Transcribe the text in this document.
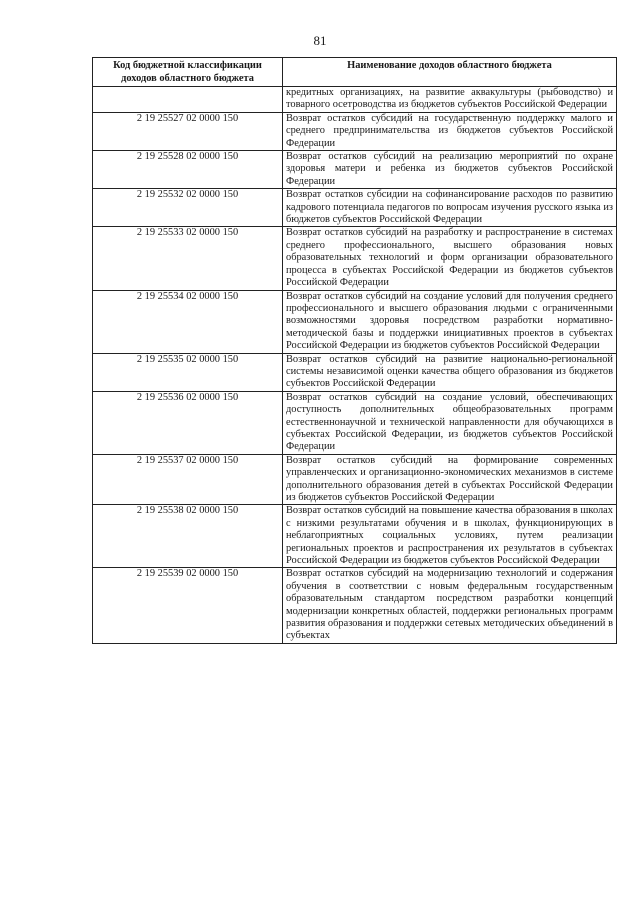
81
Код бюджетной классификации доходов областного бюджета	Наименование доходов областного бюджета
	кредитных организациях, на развитие аквакультуры (рыбоводство) и товарного осетроводства из бюджетов субъектов Российской Федерации
2 19 25527 02 0000 150	Возврат остатков субсидий на государственную поддержку малого и среднего предпринимательства из бюджетов субъектов Российской Федерации
2 19 25528 02 0000 150	Возврат остатков субсидий на реализацию мероприятий по охране здоровья матери и ребенка из бюджетов субъектов Российской Федерации
2 19 25532 02 0000 150	Возврат остатков субсидии на софинансирование расходов по развитию кадрового потенциала педагогов по вопросам изучения русского языка из бюджетов субъектов Российской Федерации
2 19 25533 02 0000 150	Возврат остатков субсидий на разработку и распространение в системах среднего профессионального, высшего образования новых образовательных технологий и форм организации образовательного процесса в субъектах Российской Федерации из бюджетов субъектов Российской Федерации
2 19 25534 02 0000 150	Возврат остатков субсидий на создание условий для получения среднего профессионального и высшего образования людьми с ограниченными возможностями здоровья посредством разработки нормативно-методической базы и поддержки инициативных проектов в субъектах Российской Федерации из бюджетов субъектов Российской Федерации
2 19 25535 02 0000 150	Возврат остатков субсидий на развитие национально-региональной системы независимой оценки качества общего образования из бюджетов субъектов Российской Федерации
2 19 25536 02 0000 150	Возврат остатков субсидий на создание условий, обеспечивающих доступность дополнительных общеобразовательных программ естественнонаучной и технической направленности для обучающихся в субъектах Российской Федерации, из бюджетов субъектов Российской Федерации
2 19 25537 02 0000 150	Возврат остатков субсидий на формирование современных управленческих и организационно-экономических механизмов в системе дополнительного образования детей в субъектах Российской Федерации из бюджетов субъектов Российской Федерации
2 19 25538 02 0000 150	Возврат остатков субсидий на повышение качества образования в школах с низкими результатами обучения и в школах, функционирующих в неблагоприятных социальных условиях, путем реализации региональных проектов и распространения их результатов в субъектах Российской Федерации из бюджетов субъектов Российской Федерации
2 19 25539 02 0000 150	Возврат остатков субсидий на модернизацию технологий и содержания обучения в соответствии с новым федеральным государственным образовательным стандартом посредством разработки концепций модернизации конкретных областей, поддержки региональных программ развития образования и поддержки сетевых методических объединений в субъектах
